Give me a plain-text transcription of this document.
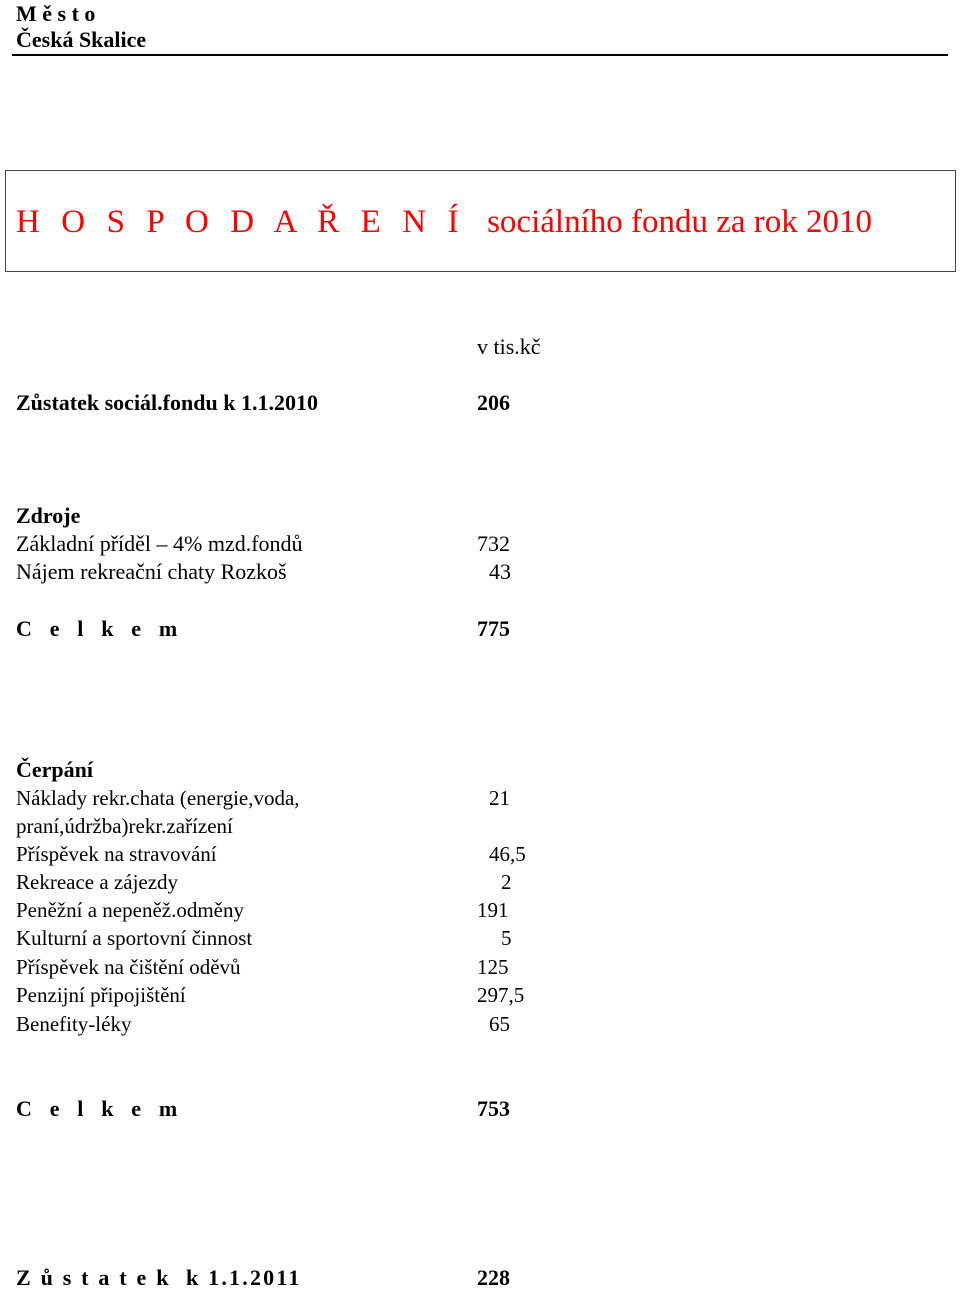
M ě s t o
Česká Skalice
H O S P O D A Ř E N Í sociálního fondu za rok 2010
v tis.kč
Zůstatek sociál.fondu k 1.1.2010	206
Zdroje
Základní příděl – 4% mzd.fondů	732
Nájem rekreační chaty Rozkoš	43
C e l k e m	775
Čerpání
Náklady rekr.chata (energie,voda,	21
praní,údržba)rekr.zařízení
Příspěvek na stravování	46,5
Rekreace a zájezdy	2
Peněžní a nepeněž.odměny	191
Kulturní a sportovní činnost	5
Příspěvek na čištění oděvů	125
Penzijní připojištění	297,5
Benefity-léky	65
C e l k e m	753
Z ů s t a t e k  k 1.1.2011	228
